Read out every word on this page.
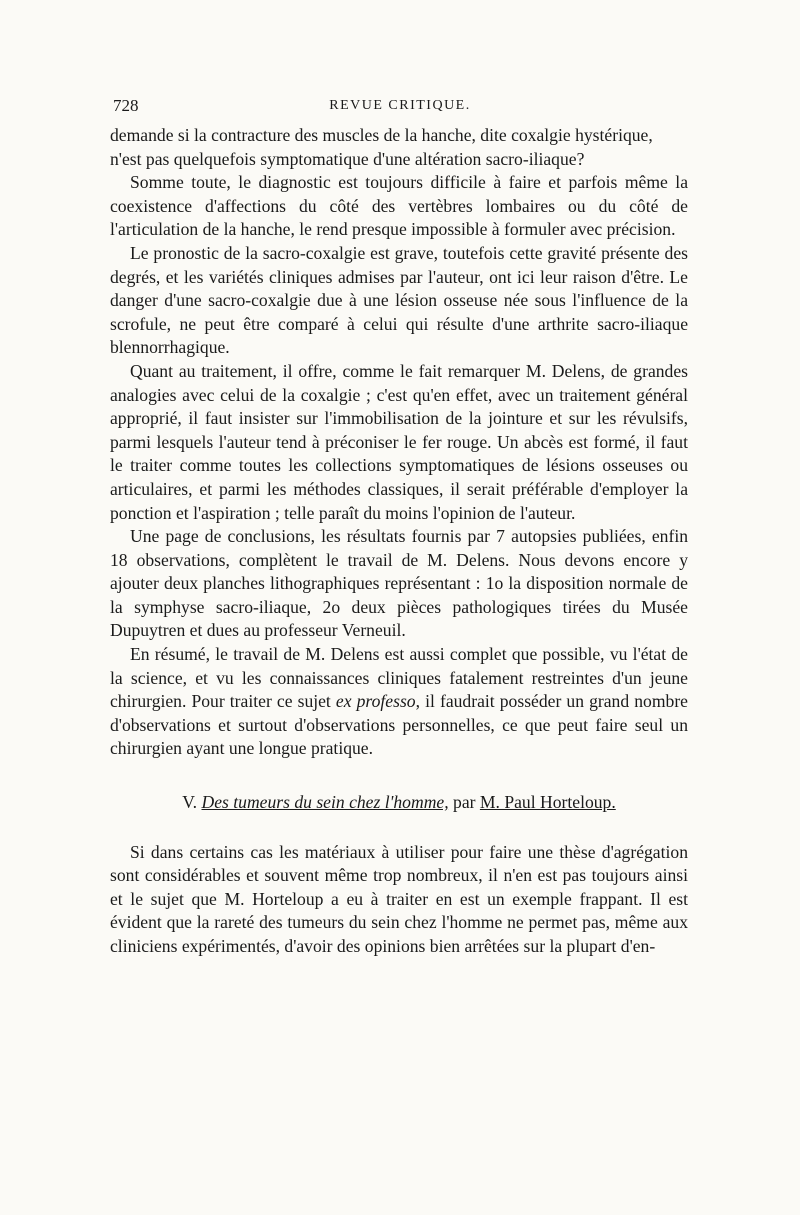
728	REVUE CRITIQUE.

demande si la contracture des muscles de la hanche, dite coxalgie hystérique, n'est pas quelquefois symptomatique d'une altération sacro-iliaque?

Somme toute, le diagnostic est toujours difficile à faire et parfois même la coexistence d'affections du côté des vertèbres lombaires ou du côté de l'articulation de la hanche, le rend presque impossible à formuler avec précision.

Le pronostic de la sacro-coxalgie est grave, toutefois cette gravité présente des degrés, et les variétés cliniques admises par l'auteur, ont ici leur raison d'être. Le danger d'une sacro-coxalgie due à une lésion osseuse née sous l'influence de la scrofule, ne peut être comparé à celui qui résulte d'une arthrite sacro-iliaque blennorrhagique.

Quant au traitement, il offre, comme le fait remarquer M. Delens, de grandes analogies avec celui de la coxalgie ; c'est qu'en effet, avec un traitement général approprié, il faut insister sur l'immobilisation de la jointure et sur les révulsifs, parmi lesquels l'auteur tend à préconiser le fer rouge. Un abcès est formé, il faut le traiter comme toutes les collections symptomatiques de lésions osseuses ou articulaires, et parmi les méthodes classiques, il serait préférable d'employer la ponction et l'aspiration ; telle paraît du moins l'opinion de l'auteur.

Une page de conclusions, les résultats fournis par 7 autopsies publiées, enfin 18 observations, complètent le travail de M. Delens. Nous devons encore y ajouter deux planches lithographiques représentant : 1o la disposition normale de la symphyse sacro-iliaque, 2o deux pièces pathologiques tirées du Musée Dupuytren et dues au professeur Verneuil.

En résumé, le travail de M. Delens est aussi complet que possible, vu l'état de la science, et vu les connaissances cliniques fatalement restreintes d'un jeune chirurgien. Pour traiter ce sujet ex professo, il faudrait posséder un grand nombre d'observations et surtout d'observations personnelles, ce que peut faire seul un chirurgien ayant une longue pratique.

V. Des tumeurs du sein chez l'homme, par M. Paul Horteloup.

Si dans certains cas les matériaux à utiliser pour faire une thèse d'agrégation sont considérables et souvent même trop nombreux, il n'en est pas toujours ainsi et le sujet que M. Horteloup a eu à traiter en est un exemple frappant. Il est évident que la rareté des tumeurs du sein chez l'homme ne permet pas, même aux cliniciens expérimentés, d'avoir des opinions bien arrêtées sur la plupart d'en-
